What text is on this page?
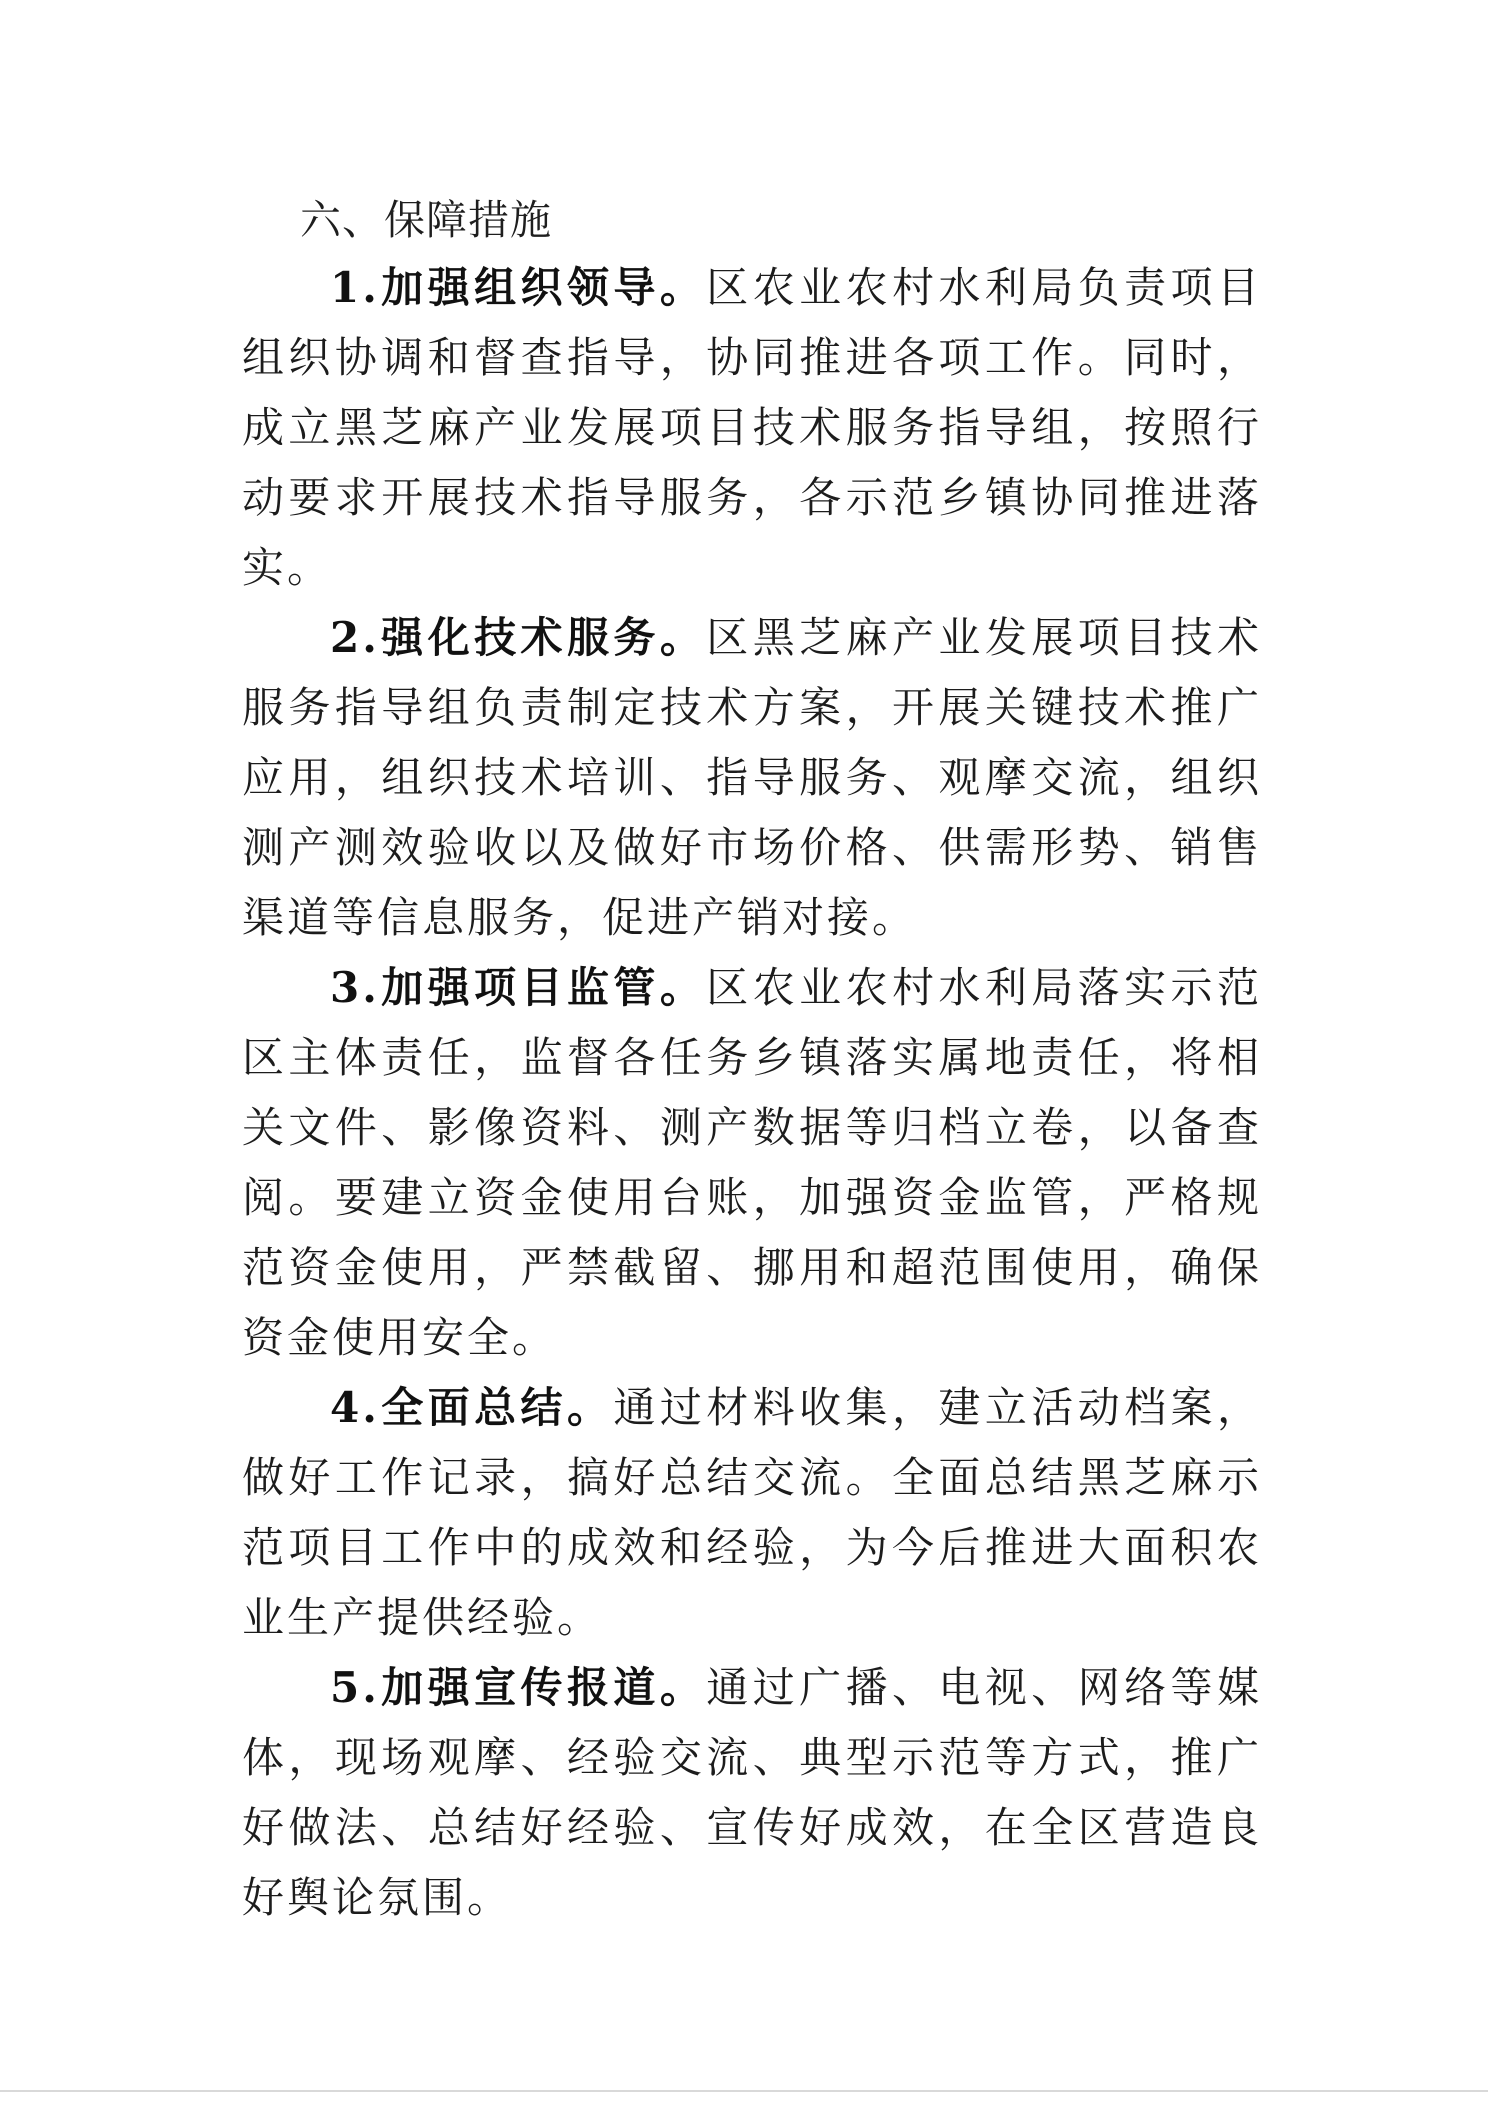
六、保障措施

1.加强组织领导。区农业农村水利局负责项目组织协调和督查指导，协同推进各项工作。同时，成立黑芝麻产业发展项目技术服务指导组，按照行动要求开展技术指导服务，各示范乡镇协同推进落实。

2.强化技术服务。区黑芝麻产业发展项目技术服务指导组负责制定技术方案，开展关键技术推广应用，组织技术培训、指导服务、观摩交流，组织测产测效验收以及做好市场价格、供需形势、销售渠道等信息服务，促进产销对接。

3.加强项目监管。区农业农村水利局落实示范区主体责任，监督各任务乡镇落实属地责任，将相关文件、影像资料、测产数据等归档立卷，以备查阅。要建立资金使用台账，加强资金监管，严格规范资金使用，严禁截留、挪用和超范围使用，确保资金使用安全。

4.全面总结。通过材料收集，建立活动档案，做好工作记录，搞好总结交流。全面总结黑芝麻示范项目工作中的成效和经验，为今后推进大面积农业生产提供经验。

5.加强宣传报道。通过广播、电视、网络等媒体，现场观摩、经验交流、典型示范等方式，推广好做法、总结好经验、宣传好成效，在全区营造良好舆论氛围。
